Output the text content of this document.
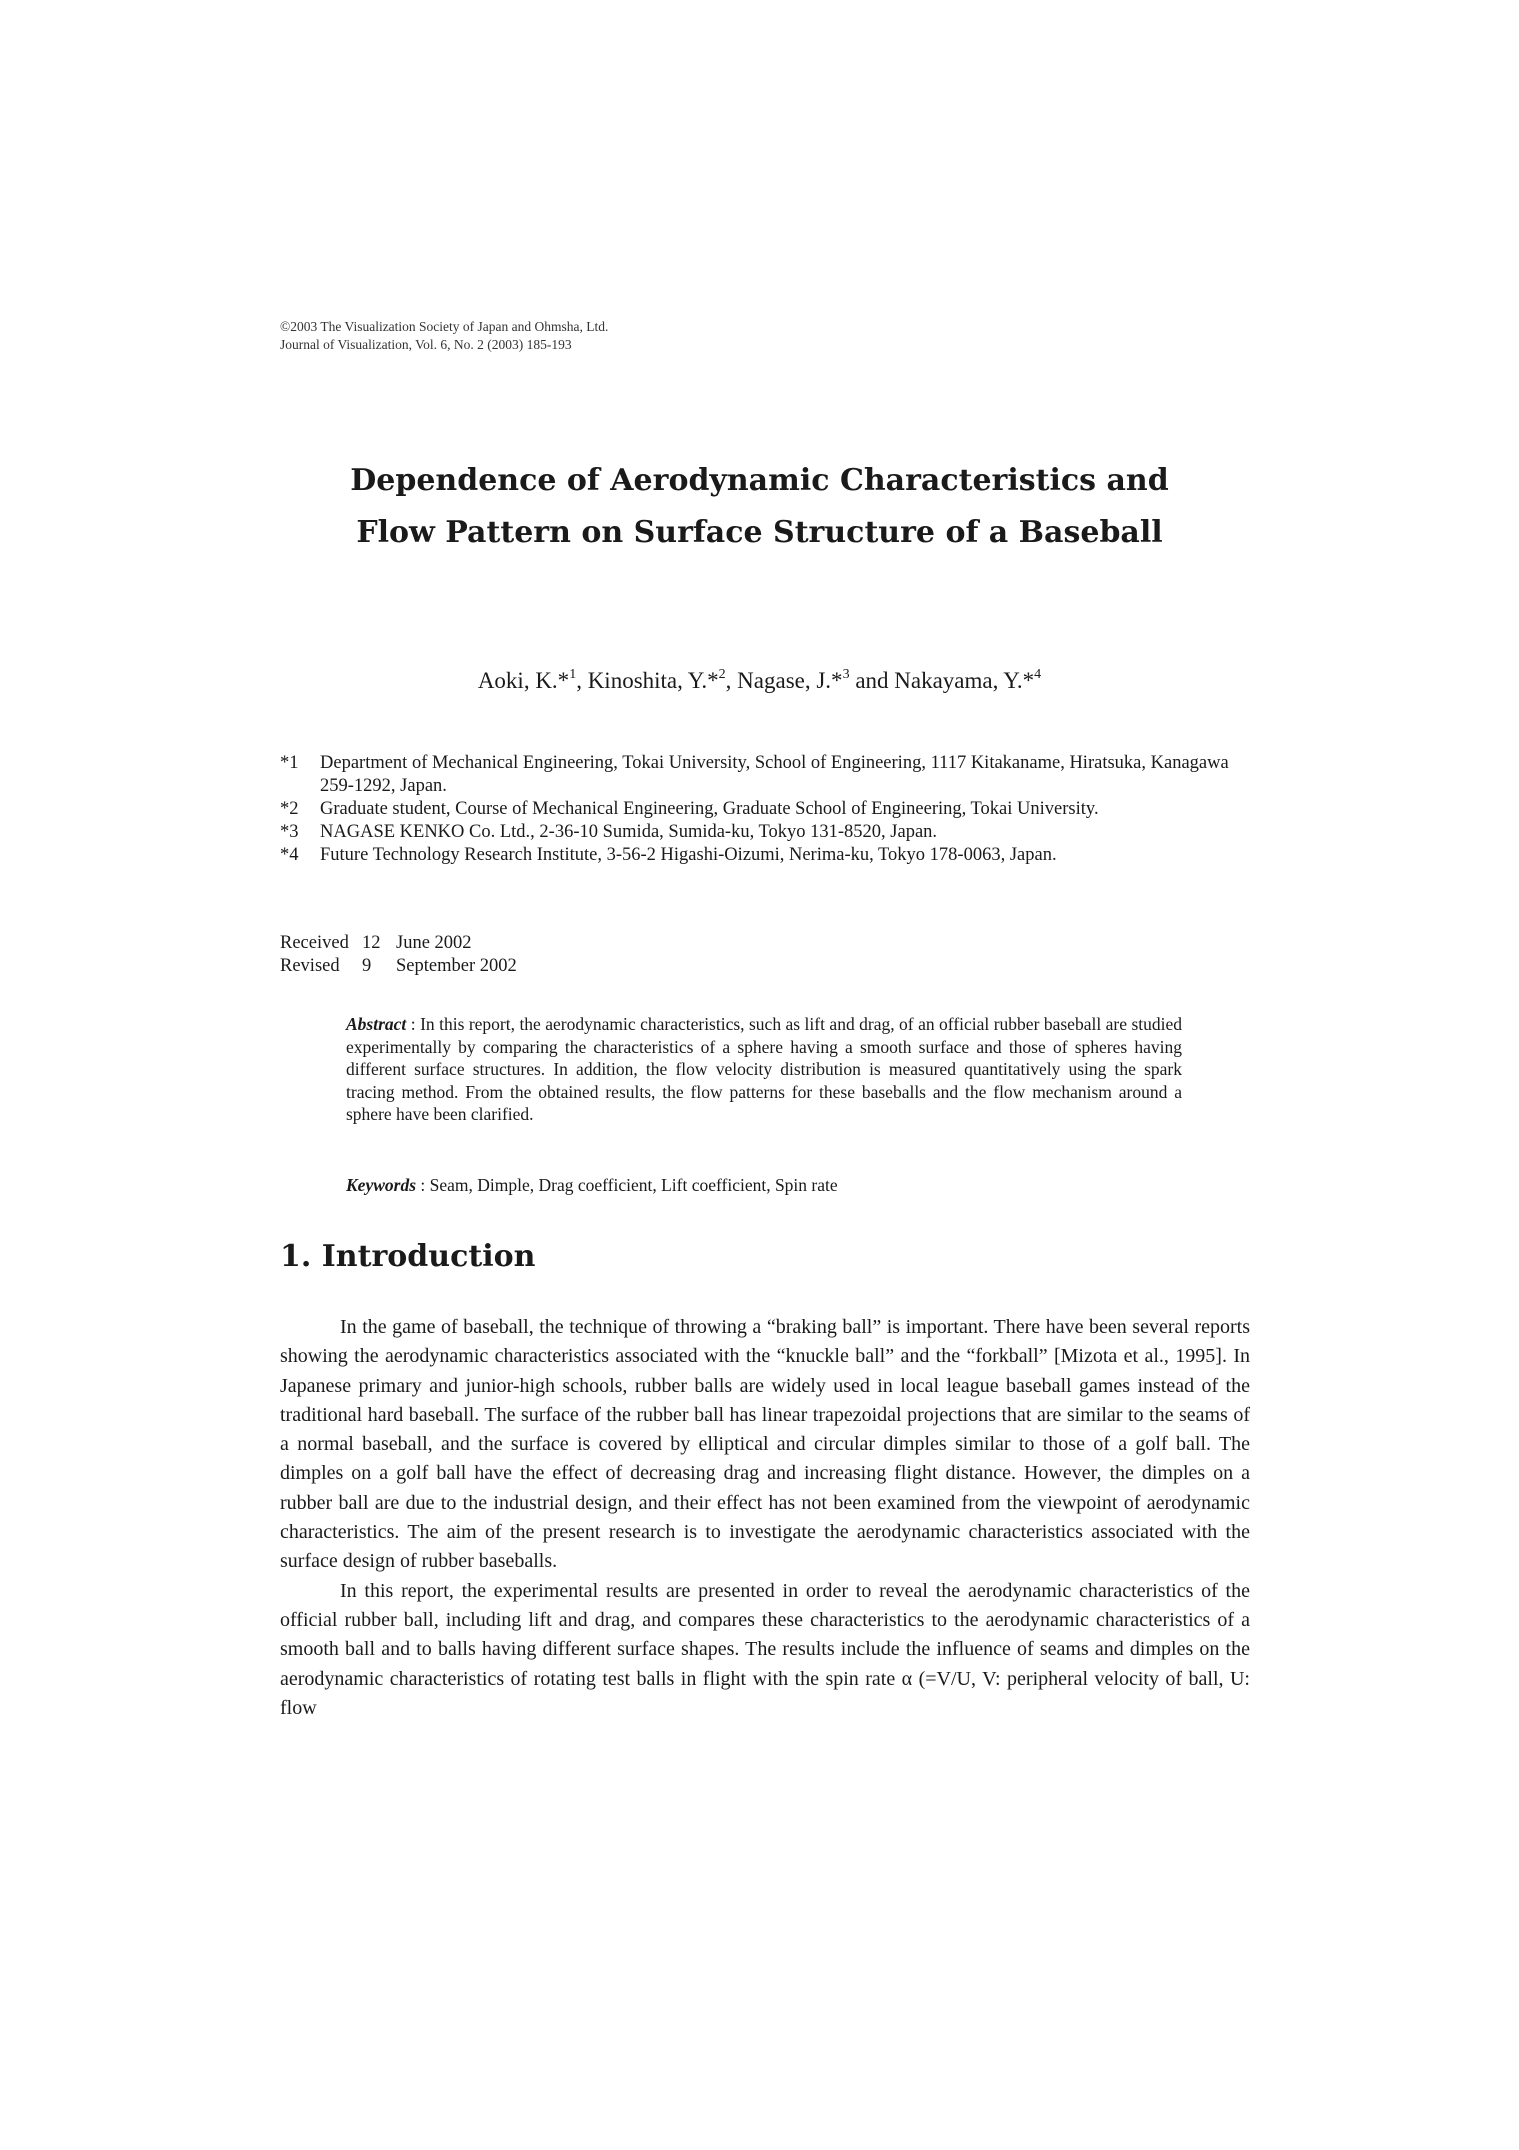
©2003 The Visualization Society of Japan and Ohmsha, Ltd.
Journal of Visualization, Vol. 6, No. 2 (2003) 185-193
Dependence of Aerodynamic Characteristics and
Flow Pattern on Surface Structure of a Baseball
Aoki, K.*$^1$, Kinoshita, Y.*$^2$, Nagase, J.*$^3$ and Nakayama, Y.*$^4$
*1	Department of Mechanical Engineering, Tokai University, School of Engineering, 1117 Kitakaname, Hiratsuka, Kanagawa 259-1292, Japan.
*2	Graduate student, Course of Mechanical Engineering, Graduate School of Engineering, Tokai University.
*3	NAGASE KENKO Co. Ltd., 2-36-10 Sumida, Sumida-ku, Tokyo 131-8520, Japan.
*4	Future Technology Research Institute, 3-56-2 Higashi-Oizumi, Nerima-ku, Tokyo 178-0063, Japan.
Received 12 June 2002
Revised 9 September 2002
Abstract : In this report, the aerodynamic characteristics, such as lift and drag, of an official rubber baseball are studied experimentally by comparing the characteristics of a sphere having a smooth surface and those of spheres having different surface structures. In addition, the flow velocity distribution is measured quantitatively using the spark tracing method. From the obtained results, the flow patterns for these baseballs and the flow mechanism around a sphere have been clarified.
Keywords : Seam, Dimple, Drag coefficient, Lift coefficient, Spin rate
1. Introduction

In the game of baseball, the technique of throwing a “braking ball” is important. There have been several reports showing the aerodynamic characteristics associated with the “knuckle ball” and the “forkball” [Mizota et al., 1995]. In Japanese primary and junior-high schools, rubber balls are widely used in local league baseball games instead of the traditional hard baseball. The surface of the rubber ball has linear trapezoidal projections that are similar to the seams of a normal baseball, and the surface is covered by elliptical and circular dimples similar to those of a golf ball. The dimples on a golf ball have the effect of decreasing drag and increasing flight distance. However, the dimples on a rubber ball are due to the industrial design, and their effect has not been examined from the viewpoint of aerodynamic characteristics. The aim of the present research is to investigate the aerodynamic characteristics associated with the surface design of rubber baseballs.

In this report, the experimental results are presented in order to reveal the aerodynamic characteristics of the official rubber ball, including lift and drag, and compares these characteristics to the aerodynamic characteristics of a smooth ball and to balls having different surface shapes. The results include the influence of seams and dimples on the aerodynamic characteristics of rotating test balls in flight with the spin rate α (=V/U, V: peripheral velocity of ball, U: flow
